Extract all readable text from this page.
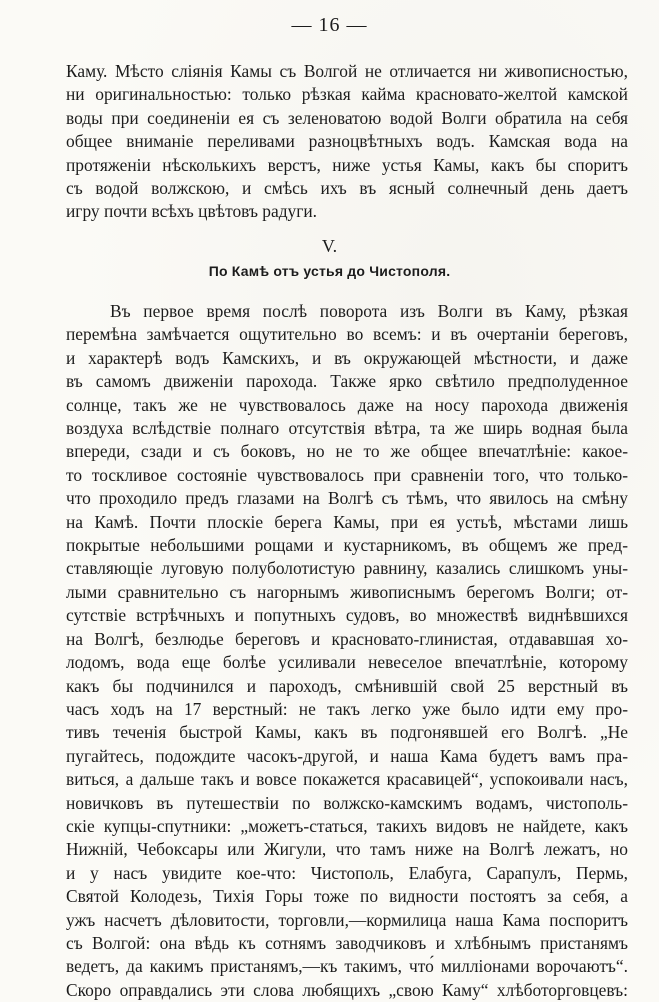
— 16 —
Каму. Мѣсто сліянія Камы съ Волгой не отличается ни живописностью,
ни оригинальностью: только рѣзкая кайма красновато-желтой камской
воды при соединеніи ея съ зеленоватою водой Волги обратила на себя
общее вниманіе переливами разноцвѣтныхъ водъ. Камская вода на
протяженіи нѣсколькихъ верстъ, ниже устья Камы, какъ бы споритъ
съ водой волжскою, и смѣсь ихъ въ ясный солнечный день даетъ
игру почти всѣхъ цвѣтовъ радуги.
V.
По Камѣ отъ устья до Чистополя.
Въ первое время послѣ поворота изъ Волги въ Каму, рѣзкая
перемѣна замѣчается ощутительно во всемъ: и въ очертаніи береговъ,
и характерѣ водъ Камскихъ, и въ окружающей мѣстности, и даже
въ самомъ движеніи парохода. Также ярко свѣтило предполуденное
солнце, такъ же не чувствовалось даже на носу парохода движенія
воздуха вслѣдствіе полнаго отсутствія вѣтра, та же ширь водная была
впереди, сзади и съ боковъ, но не то же общее впечатлѣніе: какое-
то тоскливое состояніе чувствовалось при сравненіи того, что только-
что проходило предъ глазами на Волгѣ съ тѣмъ, что явилось на смѣну
на Камѣ. Почти плоскіе берега Камы, при ея устьѣ, мѣстами лишь
покрытые небольшими рощами и кустарникомъ, въ общемъ же пред-
ставляющіе луговую полуболотистую равнину, казались слишкомъ уны-
лыми сравнительно съ нагорнымъ живописнымъ берегомъ Волги; от-
сутствіе встрѣчныхъ и попутныхъ судовъ, во множествѣ виднѣвшихся
на Волгѣ, безлюдье береговъ и красновато-глинистая, отдававшая хо-
лодомъ, вода еще болѣе усиливали невеселое впечатлѣніе, которому
какъ бы подчинился и пароходъ, смѣнившій свой 25 верстный въ
часъ ходъ на 17 верстный: не такъ легко уже было идти ему про-
тивъ теченія быстрой Камы, какъ въ подгонявшей его Волгѣ. „Не
пугайтесь, подождите часокъ-другой, и наша Кама будетъ вамъ пра-
виться, а дальше такъ и вовсе покажется красавицей“, успокоивали насъ,
новичковъ въ путешествіи по волжско-камскимъ водамъ, чистополь-
скіе купцы-спутники: „можетъ-статься, такихъ видовъ не найдете, какъ
Нижній, Чебоксары или Жигули, что тамъ ниже на Волгѣ лежатъ, но
и у насъ увидите кое-что: Чистополь, Елабуга, Сарапулъ, Пермь,
Святой Колодезь, Тихія Горы тоже по видности постоятъ за себя, а
ужъ насчетъ дѣловитости, торговли,—кормилица наша Кама поспоритъ
съ Волгой: она вѣдь къ сотнямъ заводчиковъ и хлѣбнымъ пристанямъ
ведетъ, да какимъ пристанямъ,—къ такимъ, что́ милліонами ворочаютъ“.
Скоро оправдались эти слова любящихъ „свою Каму“ хлѣботорговцевъ:
